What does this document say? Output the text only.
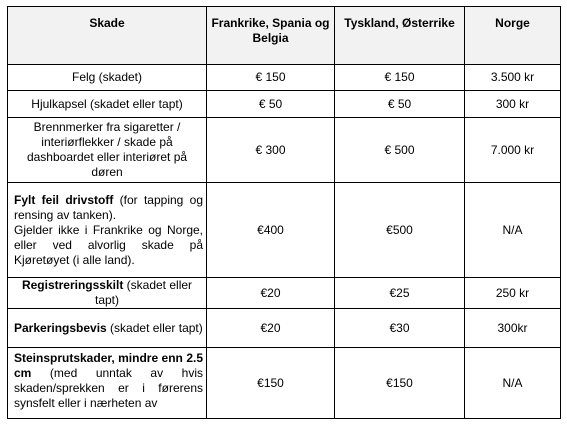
Skade	Frankrike, Spania og Belgia	Tyskland, Østerrike	Norge
Felg (skadet)	€ 150	€ 150	3.500 kr
Hjulkapsel (skadet eller tapt)	€ 50	€ 50	300 kr
Brennmerker fra sigaretter / interiørflekker / skade på dashboardet eller interiøret på døren	€ 300	€ 500	7.000 kr
Fylt feil drivstoff (for tapping og rensing av tanken).
Gjelder ikke i Frankrike og Norge, eller ved alvorlig skade på Kjøretøyet (i alle land).	€400	€500	N/A
Registreringsskilt (skadet eller tapt)	€20	€25	250 kr
Parkeringsbevis (skadet eller tapt)	€20	€30	300kr

Steinsprutskader, mindre enn 2.5 cm (med unntak av hvis skaden/sprekken er i førerens synsfelt eller i nærheten av	€150	€150	N/A
